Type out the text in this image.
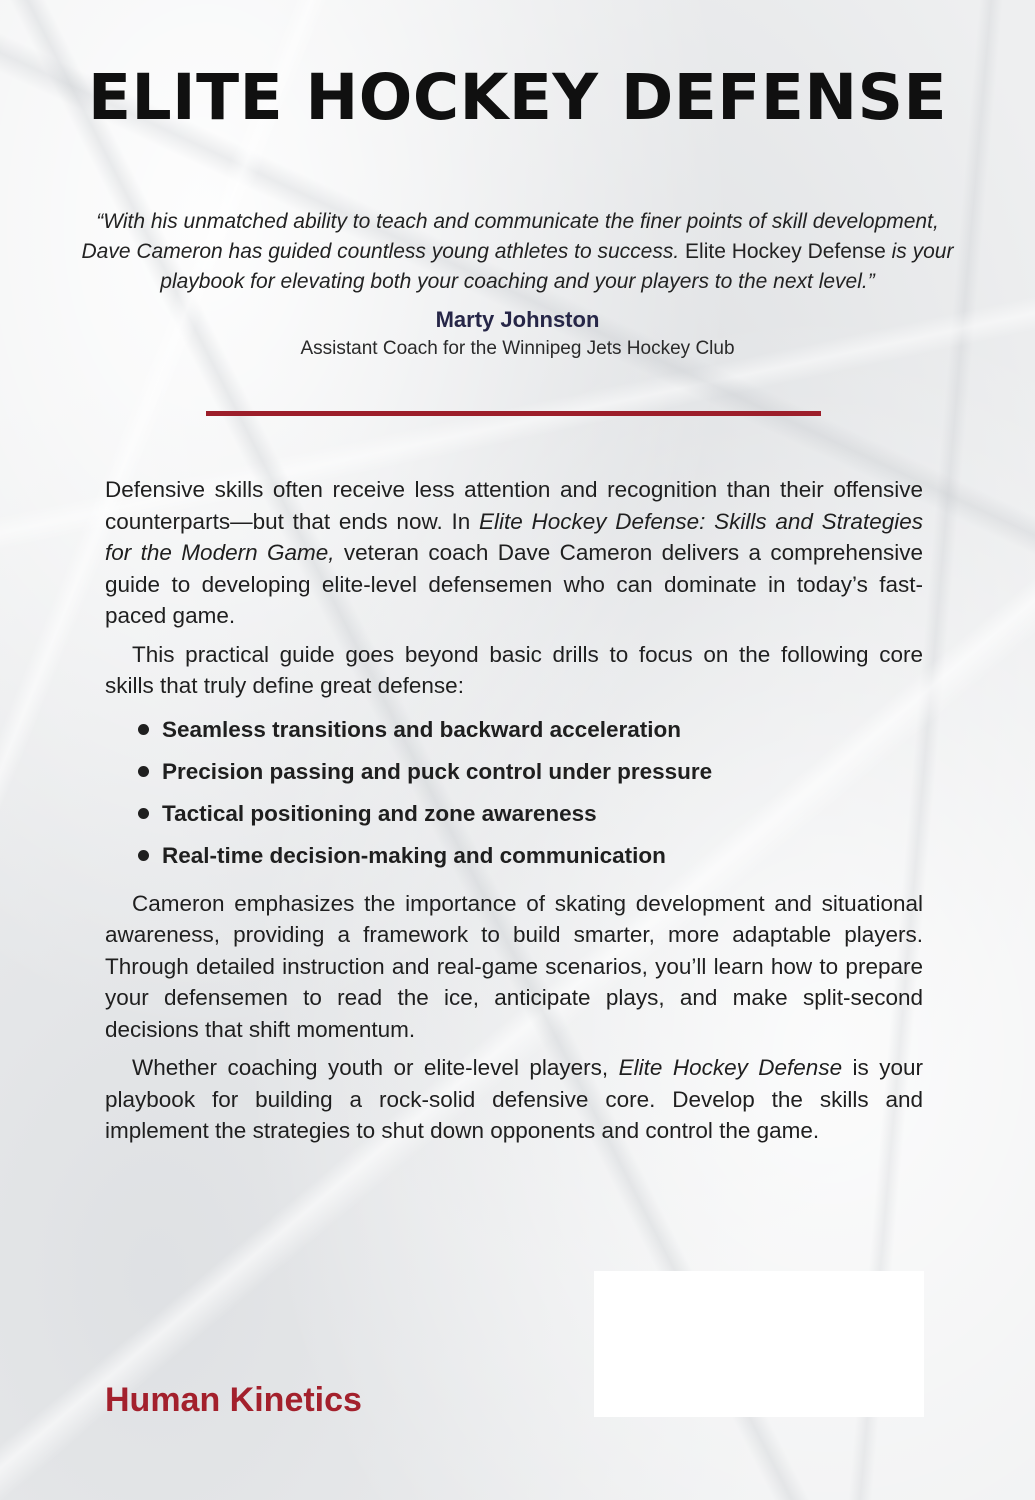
ELITE HOCKEY DEFENSE

“With his unmatched ability to teach and communicate the finer points of skill development, Dave Cameron has guided countless young athletes to success. Elite Hockey Defense is your playbook for elevating both your coaching and your players to the next level.”

Marty Johnston
Assistant Coach for the Winnipeg Jets Hockey Club

Defensive skills often receive less attention and recognition than their offensive counterparts—but that ends now. In Elite Hockey Defense: Skills and Strategies for the Modern Game, veteran coach Dave Cameron delivers a comprehensive guide to developing elite-level defensemen who can dominate in today’s fast-paced game.

This practical guide goes beyond basic drills to focus on the following core skills that truly define great defense:

Seamless transitions and backward acceleration
Precision passing and puck control under pressure
Tactical positioning and zone awareness
Real-time decision-making and communication

Cameron emphasizes the importance of skating development and situational awareness, providing a framework to build smarter, more adaptable players. Through detailed instruction and real-game scenarios, you’ll learn how to prepare your defensemen to read the ice, anticipate plays, and make split-second decisions that shift momentum.

Whether coaching youth or elite-level players, Elite Hockey Defense is your playbook for building a rock-solid defensive core. Develop the skills and implement the strategies to shut down opponents and control the game.

Human Kinetics
